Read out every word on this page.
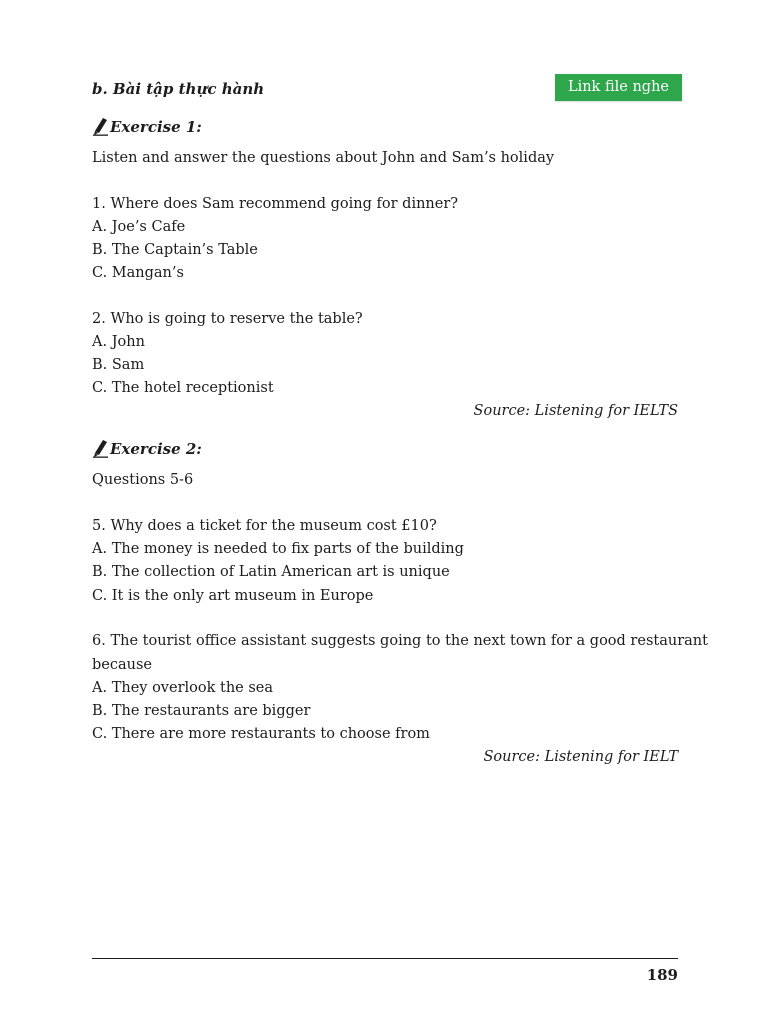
b. Bài tập thực hành	Link file nghe
Exercise 1:
Listen and answer the questions about John and Sam’s holiday
1. Where does Sam recommend going for dinner?
A. Joe’s Cafe
B. The Captain’s Table
C. Mangan’s
2. Who is going to reserve the table?
A. John
B. Sam
C. The hotel receptionist
Source: Listening for IELTS
Exercise 2:
Questions 5-6
5. Why does a ticket for the museum cost £10?
A. The money is needed to fix parts of the building
B. The collection of Latin American art is unique
C. It is the only art museum in Europe
6. The tourist office assistant suggests going to the next town for a good restaurant
because
A. They overlook the sea
B. The restaurants are bigger
C. There are more restaurants to choose from
Source: Listening for IELT
189
